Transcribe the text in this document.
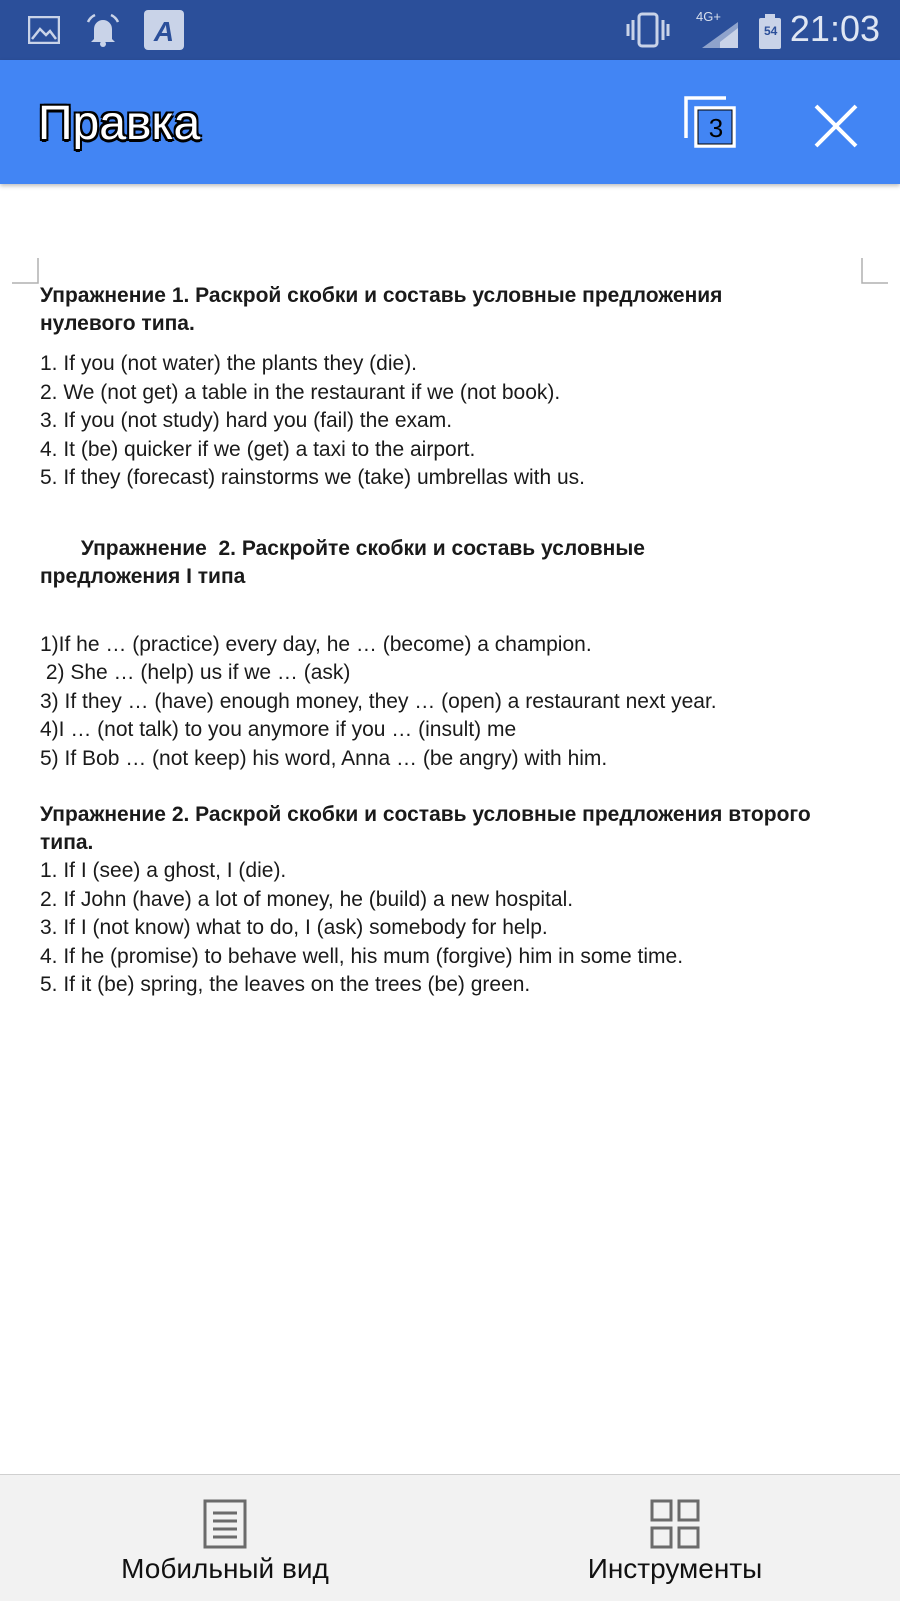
A	4G+
54 21:03
Правка	3

Упражнение 1. Раскрой скобки и составь условные предложения
нулевого типа.

1. If you (not water) the plants they (die).

2. We (not get) a table in the restaurant if we (not book).

3. If you (not study) hard you (fail) the exam.

4. It (be) quicker if we (get) a taxi to the airport.

5. If they (forecast) rainstorms we (take) umbrellas with us.

Упражнение  2. Раскройте скобки и составь условные
предложения I типа

1)If he … (practice) every day, he … (become) a champion.

2) She … (help) us if we … (ask)

3) If they … (have) enough money, they … (open) a restaurant next year.

4)I … (not talk) to you anymore if you … (insult) me

5) If Bob … (not keep) his word, Anna … (be angry) with him.

Упражнение 2. Раскрой скобки и составь условные предложения второго
типа.

1. If I (see) a ghost, I (die).

2. If John (have) a lot of money, he (build) a new hospital.

3. If I (not know) what to do, I (ask) somebody for help.

4. If he (promise) to behave well, his mum (forgive) him in some time.

5. If it (be) spring, the leaves on the trees (be) green.

Мобильный вид	Инструменты
